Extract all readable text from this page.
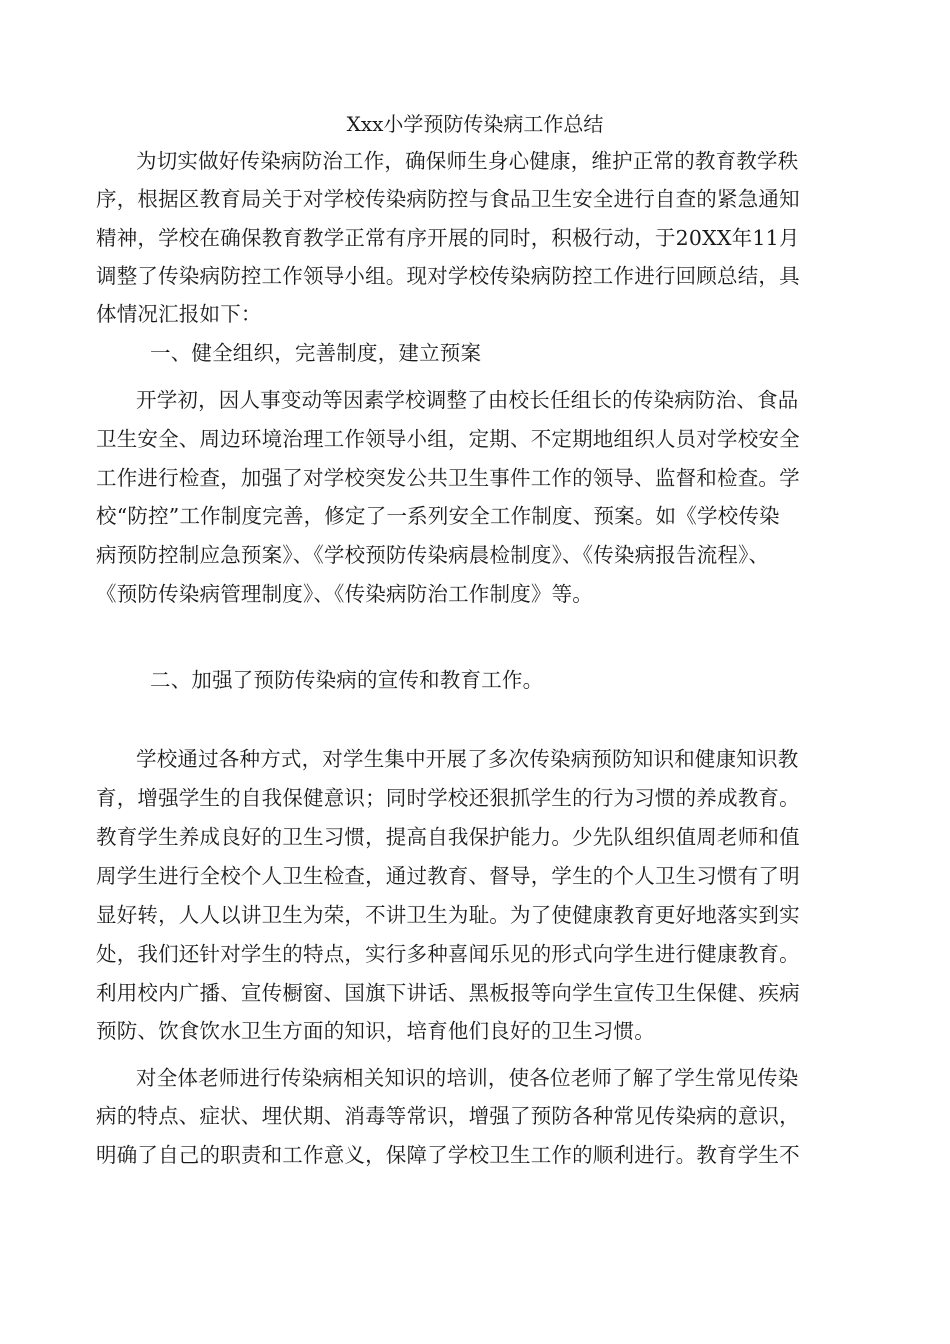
Xxx小学预防传染病工作总结
为切实做好传染病防治工作，确保师生身心健康，维护正常的教育教学秩
序，根据区教育局关于对学校传染病防控与食品卫生安全进行自查的紧急通知
精神，学校在确保教育教学正常有序开展的同时，积极行动，于20XX年11月
调整了传染病防控工作领导小组。现对学校传染病防控工作进行回顾总结，具
体情况汇报如下：
一、健全组织，完善制度，建立预案
开学初，因人事变动等因素学校调整了由校长任组长的传染病防治、食品
卫生安全、周边环境治理工作领导小组，定期、不定期地组织人员对学校安全
工作进行检查，加强了对学校突发公共卫生事件工作的领导、监督和检查。学
校“防控”工作制度完善，修定了一系列安全工作制度、预案。如《学校传染
病预防控制应急预案》、《学校预防传染病晨检制度》、《传染病报告流程》、
《预防传染病管理制度》、《传染病防治工作制度》等。
二、加强了预防传染病的宣传和教育工作。
学校通过各种方式，对学生集中开展了多次传染病预防知识和健康知识教
育，增强学生的自我保健意识；同时学校还狠抓学生的行为习惯的养成教育。
教育学生养成良好的卫生习惯，提高自我保护能力。少先队组织值周老师和值
周学生进行全校个人卫生检查，通过教育、督导，学生的个人卫生习惯有了明
显好转，人人以讲卫生为荣，不讲卫生为耻。为了使健康教育更好地落实到实
处，我们还针对学生的特点，实行多种喜闻乐见的形式向学生进行健康教育。
利用校内广播、宣传橱窗、国旗下讲话、黑板报等向学生宣传卫生保健、疾病
预防、饮食饮水卫生方面的知识，培育他们良好的卫生习惯。
对全体老师进行传染病相关知识的培训，使各位老师了解了学生常见传染
病的特点、症状、埋伏期、消毒等常识，增强了预防各种常见传染病的意识，
明确了自己的职责和工作意义，保障了学校卫生工作的顺利进行。教育学生不
